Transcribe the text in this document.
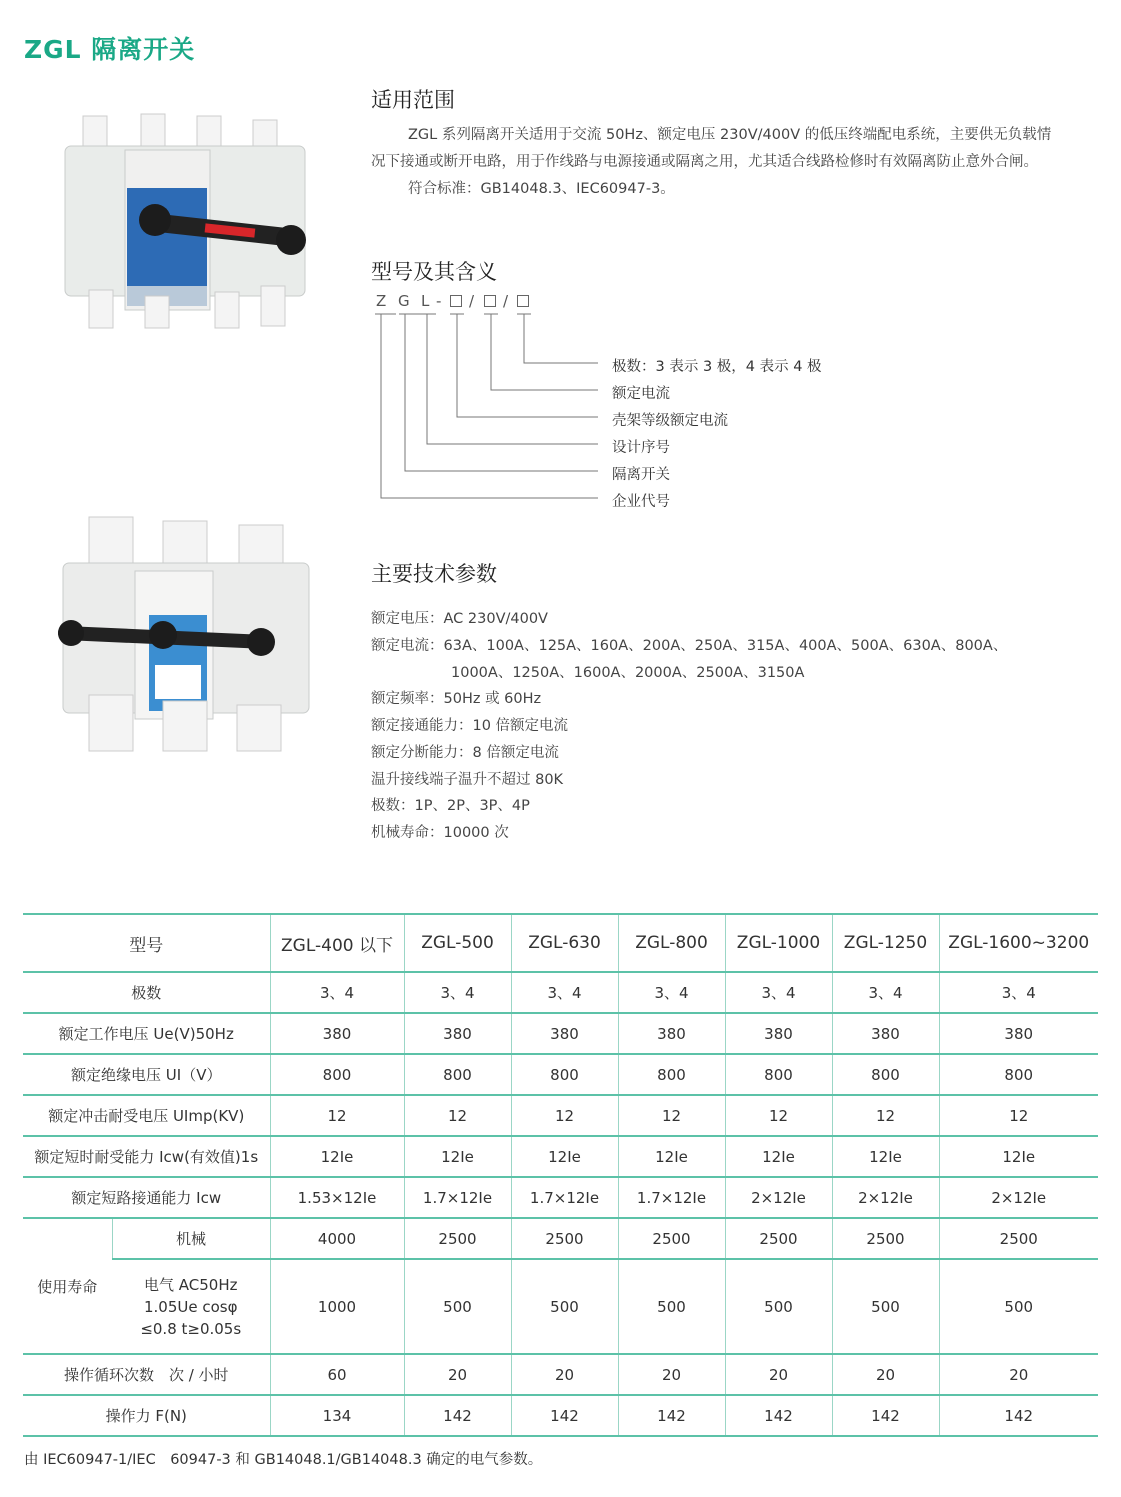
ZGL 隔离开关
适用范围
ZGL 系列隔离开关适用于交流 50Hz、额定电压 230V/400V 的低压终端配电系统，主要供无负载情
况下接通或断开电路，用于作线路与电源接通或隔离之用，尤其适合线路检修时有效隔离防止意外合闸。
符合标准：GB14048.3、IEC60947-3。
型号及其含义
Z G L - / /
极数：3 表示 3 极，4 表示 4 极
额定电流
壳架等级额定电流
设计序号
隔离开关
企业代号
主要技术参数
额定电压：AC 230V/400V
额定电流：63A、100A、125A、160A、200A、250A、315A、400A、500A、630A、800A、
1000A、1250A、1600A、2000A、2500A、3150A
额定频率：50Hz 或 60Hz
额定接通能力：10 倍额定电流
额定分断能力：8 倍额定电流
温升接线端子温升不超过 80K
极数：1P、2P、3P、4P
机械寿命：10000 次
型号		ZGL-400 以下	ZGL-500	ZGL-630	ZGL-800	ZGL-1000	ZGL-1250	ZGL-1600~3200
极数		3、4	3、4	3、4	3、4	3、4	3、4	3、4
额定工作电压 Ue(V)50Hz		380	380	380	380	380	380	380
额定绝缘电压 UI（V）		800	800	800	800	800	800	800
额定冲击耐受电压 UImp(KV)		12	12	12	12	12	12	12
额定短时耐受能力 Icw(有效值)1s		12Ie	12Ie	12Ie	12Ie	12Ie	12Ie	12Ie
额定短路接通能力 Icw		1.53×12Ie	1.7×12Ie	1.7×12Ie	1.7×12Ie	2×12Ie	2×12Ie	2×12Ie
使用寿命	机械	4000	2500	2500	2500	2500	2500	2500

	电气 AC50Hz
1.05Ue cosφ
≤0.8 t≥0.05s	1000	500	500	500	500	500	500
操作循环次数　次 / 小时		60	20	20	20	20	20	20
操作力 F(N)		134	142	142	142	142	142	142
由 IEC60947-1/IEC　60947-3 和 GB14048.1/GB14048.3 确定的电气参数。
